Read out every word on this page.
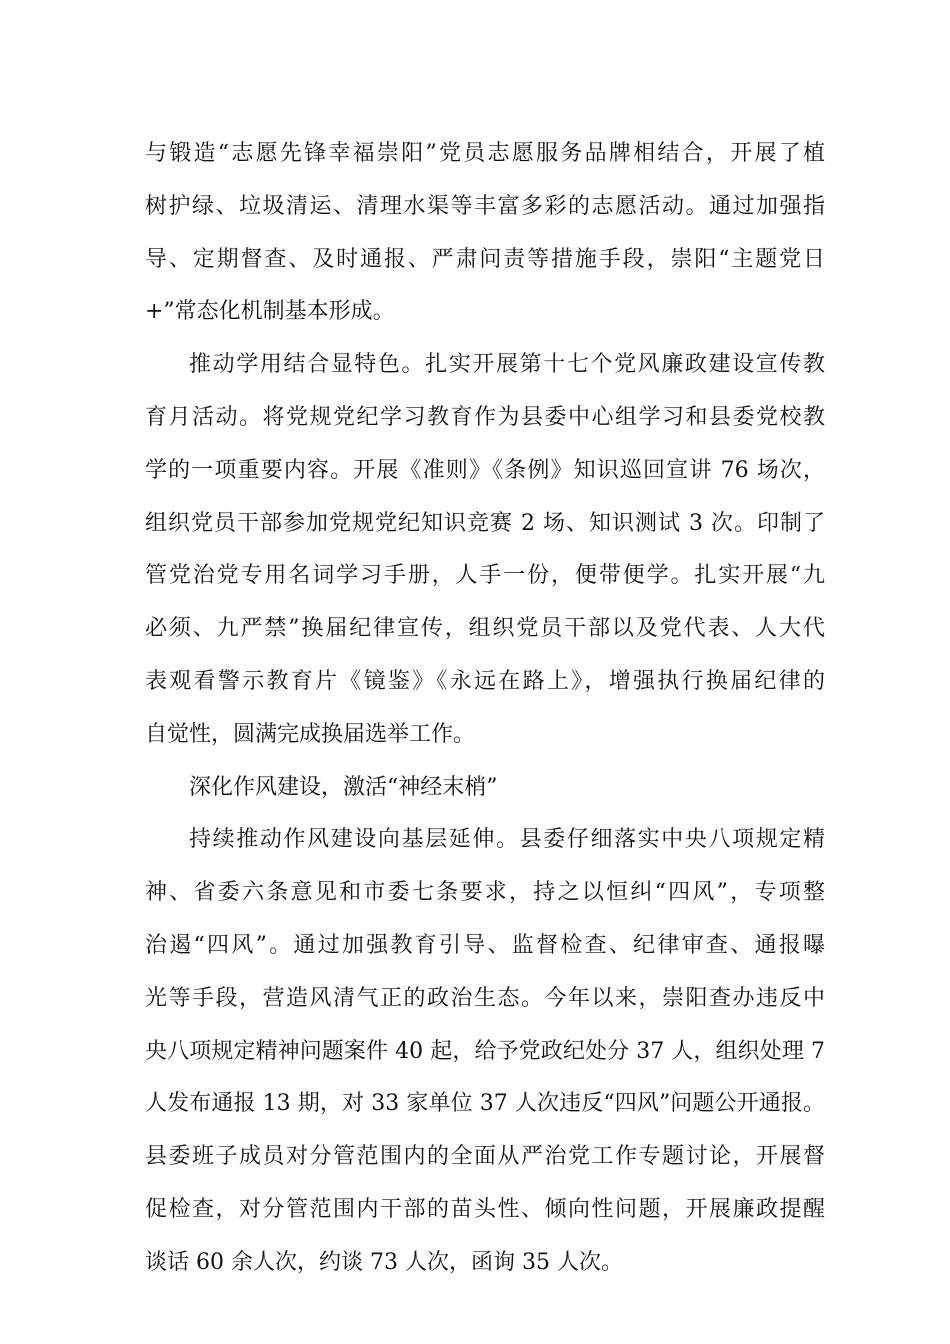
与锻造“志愿先锋幸福崇阳”党员志愿服务品牌相结合，开展了植
树护绿、垃圾清运、清理水渠等丰富多彩的志愿活动。通过加强指
导、定期督查、及时通报、严肃问责等措施手段，崇阳“主题党日
+”常态化机制基本形成。
推动学用结合显特色。扎实开展第十七个党风廉政建设宣传教
育月活动。将党规党纪学习教育作为县委中心组学习和县委党校教
学的一项重要内容。开展《准则》《条例》知识巡回宣讲 76 场次，
组织党员干部参加党规党纪知识竞赛 2 场、知识测试 3 次。印制了
管党治党专用名词学习手册，人手一份，便带便学。扎实开展“九
必须、九严禁”换届纪律宣传，组织党员干部以及党代表、人大代
表观看警示教育片《镜鉴》《永远在路上》，增强执行换届纪律的
自觉性，圆满完成换届选举工作。
深化作风建设，激活“神经末梢”
持续推动作风建设向基层延伸。县委仔细落实中央八项规定精
神、省委六条意见和市委七条要求，持之以恒纠“四风”，专项整
治遏“四风”。通过加强教育引导、监督检查、纪律审查、通报曝
光等手段，营造风清气正的政治生态。今年以来，崇阳查办违反中
央八项规定精神问题案件 40 起，给予党政纪处分 37 人，组织处理 7
人发布通报 13 期，对 33 家单位 37 人次违反“四风”问题公开通报。
县委班子成员对分管范围内的全面从严治党工作专题讨论，开展督
促检查，对分管范围内干部的苗头性、倾向性问题，开展廉政提醒
谈话 60 余人次，约谈 73 人次，函询 35 人次。
